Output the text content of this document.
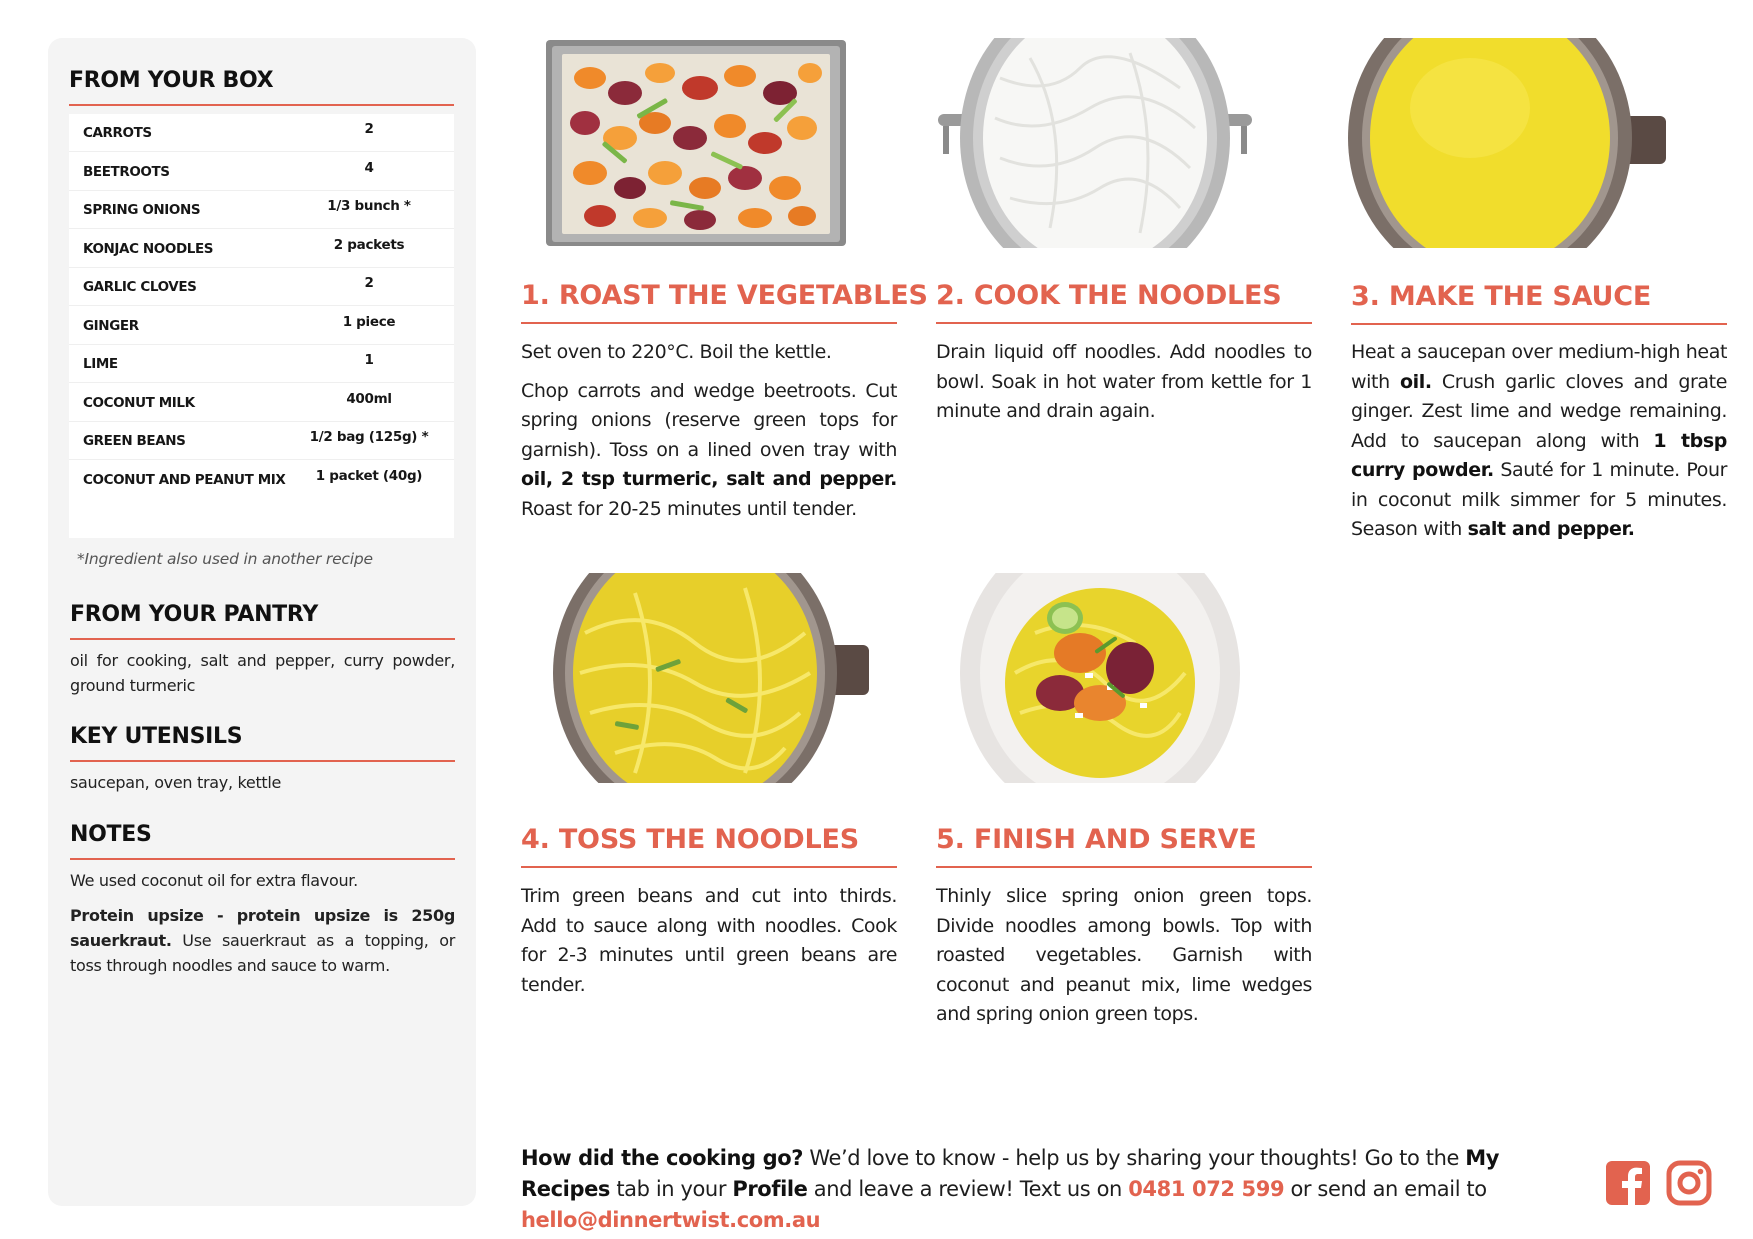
FROM YOUR BOX
CARROTS	2
BEETROOTS	4
SPRING ONIONS	1/3 bunch *
KONJAC NOODLES	2 packets
GARLIC CLOVES	2
GINGER	1 piece
LIME	1
COCONUT MILK	400ml
GREEN BEANS	1/2 bag (125g) *
COCONUT AND PEANUT MIX	1 packet (40g)
*Ingredient also used in another recipe
FROM YOUR PANTRY

oil for cooking, salt and pepper, curry powder, ground turmeric

KEY UTENSILS

saucepan, oven tray, kettle

NOTES

We used coconut oil for extra flavour.

Protein upsize - protein upsize is 250g sauerkraut. Use sauerkraut as a topping, or toss through noodles and sauce to warm.

1. ROAST THE VEGETABLES

Set oven to 220°C. Boil the kettle.

Chop carrots and wedge beetroots. Cut spring onions (reserve green tops for garnish). Toss on a lined oven tray with oil, 2 tsp turmeric, salt and pepper. Roast for 20-25 minutes until tender.

2. COOK THE NOODLES

Drain liquid off noodles. Add noodles to bowl. Soak in hot water from kettle for 1 minute and drain again.

3. MAKE THE SAUCE

Heat a saucepan over medium-high heat with oil. Crush garlic cloves and grate ginger. Zest lime and wedge remaining. Add to saucepan along with 1 tbsp curry powder. Sauté for 1 minute. Pour in coconut milk simmer for 5 minutes. Season with salt and pepper.

4. TOSS THE NOODLES

Trim green beans and cut into thirds. Add to sauce along with noodles. Cook for 2-3 minutes until green beans are tender.

5. FINISH AND SERVE

Thinly slice spring onion green tops. Divide noodles among bowls. Top with roasted vegetables. Garnish with coconut and peanut mix, lime wedges and spring onion green tops.

How did the cooking go? We’d love to know - help us by sharing your thoughts! Go to the My Recipes tab in your Profile and leave a review! Text us on 0481 072 599 or send an email to hello@dinnertwist.com.au
